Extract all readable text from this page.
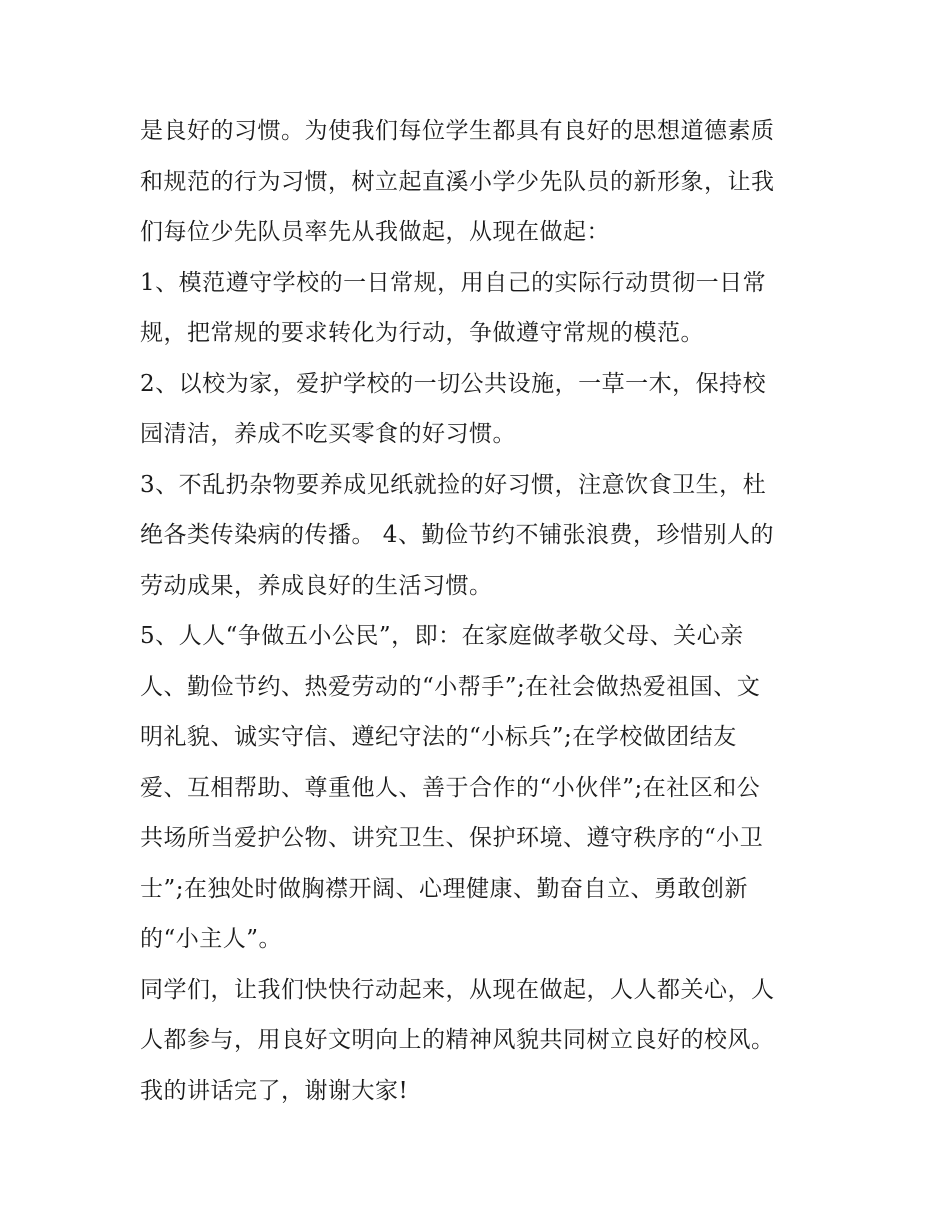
是良好的习惯。为使我们每位学生都具有良好的思想道德素质
和规范的行为习惯，树立起直溪小学少先队员的新形象，让我
们每位少先队员率先从我做起，从现在做起：
1、模范遵守学校的一日常规，用自己的实际行动贯彻一日常
规，把常规的要求转化为行动，争做遵守常规的模范。
2、以校为家，爱护学校的一切公共设施，一草一木，保持校
园清洁，养成不吃买零食的好习惯。
3、不乱扔杂物要养成见纸就捡的好习惯，注意饮食卫生，杜
绝各类传染病的传播。 4、勤俭节约不铺张浪费，珍惜别人的
劳动成果，养成良好的生活习惯。
5、人人“争做五小公民”，即：在家庭做孝敬父母、关心亲
人、勤俭节约、热爱劳动的“小帮手”;在社会做热爱祖国、文
明礼貌、诚实守信、遵纪守法的“小标兵”;在学校做团结友
爱、互相帮助、尊重他人、善于合作的“小伙伴”;在社区和公
共场所当爱护公物、讲究卫生、保护环境、遵守秩序的“小卫
士”;在独处时做胸襟开阔、心理健康、勤奋自立、勇敢创新
的“小主人”。
同学们，让我们快快行动起来，从现在做起，人人都关心，人
人都参与，用良好文明向上的精神风貌共同树立良好的校风。
我的讲话完了，谢谢大家!
